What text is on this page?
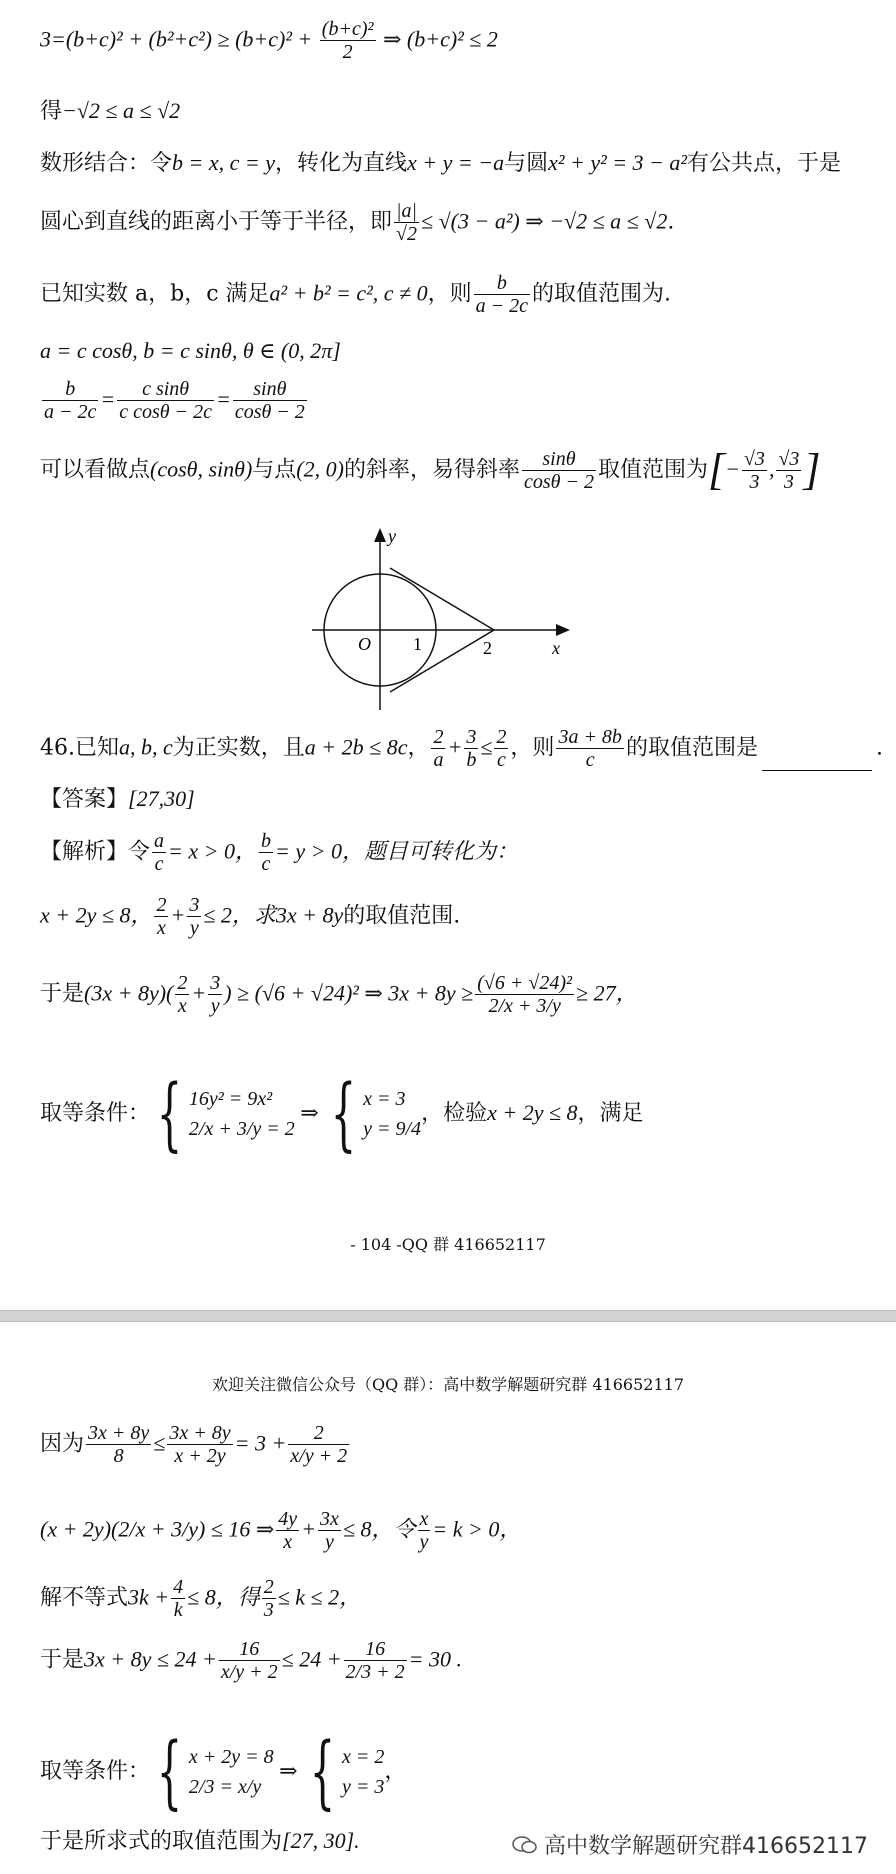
$3=(b+c)^2 + (b^2+c^2) \ge (b+c)^2 + \frac{\text{(b+c)²}}{2}$ ⇒ (b+c)² ≤ 2
得−√2 ≤ a ≤ √2
数形结合：令b = x, c = y，转化为直线x + y = −a与圆x² + y² = 3 − a²有公共点，于是
圆心到直线的距离小于等于半径，即 $\frac{|a|}{√2} \le √(3 - a^2)$ ⇒ −√2 ≤ a ≤ √2.
已知实数 a，b，c 满足a² + b² = c², c ≠ 0，则 $\frac{b}{a - 2c}$ 的取值范围为.
a = c cosθ, b = c sinθ, θ ∈ (0, 2π]
$\frac{b}{a - 2c} = \frac{\text{c sinθ}}{\text{c cosθ − 2c}} = \frac{\sin\theta}{\cos\theta - 2}$
可以看做点(cosθ, sinθ)与点(2, 0)的斜率，易得斜率 $\frac{\sin\theta}{\cos\theta - 2}$ 取值范围为[− $\frac{√3}{3}$ , $\frac{√3}{3}$ ]
y
x
O 1	2
46.已知a, b, c为正实数，且a + 2b ≤ 8c， $\frac{2}{a} + \frac{3}{b} \le \frac{2}{c}$ ，则 $\frac{3a + 8b}{c}$ 的取值范围是	.
【答案】[27,30]
【解析】令 $\frac{a}{c} = x > 0$， $\frac{b}{c} = y > 0$，题目可转化为：
x + 2y ≤ 8， $\frac{2}{x} + \frac{3}{y} \le 2$，求3x + 8y的取值范围.
于是$(3x + 8y)( \frac{2}{x} + \frac{3}{y}$ ) ≥ (√6 + √24)² ⇒ $3x + 8y \ge \frac{\text{(√6 + √24)²}}{2/x + 3/y} \ge 27$，
取等条件：{ 16y² = 9x²
2/x + 3/y = 2
⇒ { x = 3
y = 9/4
，检验x + 2y ≤ 8，满足
- 104 -QQ 群 416652117
欢迎关注微信公众号（QQ 群）：高中数学解题研究群 416652117
因为 $\frac{3x + 8y}{8} \le \frac{3x + 8y}{x + 2y} = 3 + \frac{2}{x/y + 2}$
(x + 2y)(2/x + 3/y) ≤ 16 ⇒ $\frac{4y}{x} + \frac{3x}{y} \le 8$，令 $\frac{x}{y} = k > 0$，
解不等式$3k + \frac{4}{k} \le 8$，得 $\frac{2}{3} \le k \le 2$，
于是$3x + 8y \le 24 + \frac{16}{x/y + 2} \le 24 + \frac{16}{2/3 + 2} = 30$ .
取等条件：{ x + 2y = 8
2/3 = x/y
⇒ { x = 2
y = 3
，
于是所求式的取值范围为[27, 30].	高中数学解题研究群416652117
